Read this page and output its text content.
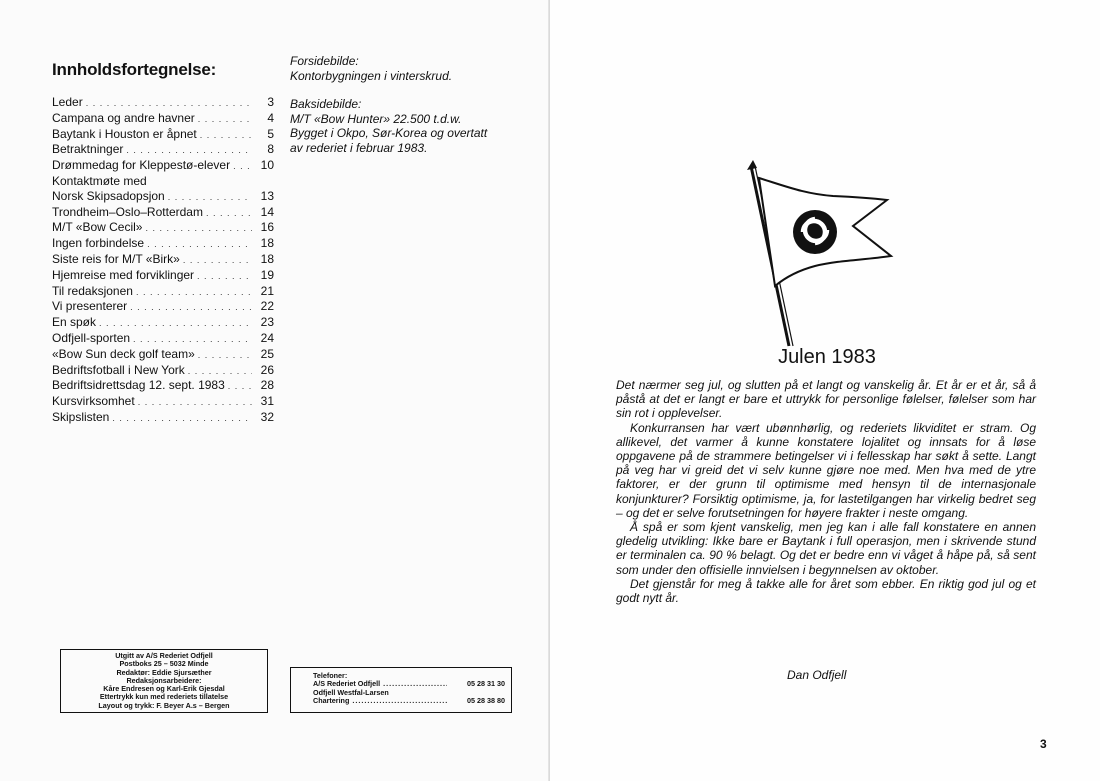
Innholdsfortegnelse:
Leder . . .	3
Campana og andre havner . . .	4
Baytank i Houston er åpnet . . .	5
Betraktninger . . .	8
Drømmedag for Kleppestø-elever . . .	10
Kontaktmøte med
Norsk Skipsadopsjon . . .	13
Trondheim–Oslo–Rotterdam . . .	14
M/T «Bow Cecil» . . .	16
Ingen forbindelse . . .	18
Siste reis for M/T «Birk» . . .	18
Hjemreise med forviklinger . . .	19
Til redaksjonen . . .	21
Vi presenterer . . .	22
En spøk . . .	23
Odfjell-sporten . . .	24
«Bow Sun deck golf team» . . .	25
Bedriftsfotball i New York . . .	26
Bedriftsidrettsdag 12. sept. 1983 . . .	28
Kursvirksomhet . . .	31
Skipslisten . . .	32
Forsidebilde:
Kontorbygningen i vinterskrud.
Baksidebilde:
M/T «Bow Hunter» 22.500 t.d.w.
Bygget i Okpo, Sør-Korea og overtatt
av rederiet i februar 1983.
Utgitt av A/S Rederiet Odfjell
Postboks 25 – 5032 Minde
Redaktør: Eddie Sjursæther
Redaksjonsarbeidere:
Kåre Endresen og Karl-Erik Gjesdal
Ettertrykk kun med rederiets tillatelse
Layout og trykk: F. Beyer A.s – Bergen
Telefoner:
A/S Rederiet Odfjell .....	05 28 31 30
Odfjell Westfal-Larsen
Chartering .....	05 28 38 80
Julen 1983

Det nærmer seg jul, og slutten på et langt og vanskelig år. Et år er et år, så å påstå at det er langt er bare et uttrykk for personlige følelser, følelser som har sin rot i opplevelser.

Konkurransen har vært ubønnhørlig, og rederiets likviditet er stram. Og allikevel, det varmer å kunne konstatere lojalitet og innsats for å løse oppgavene på de strammere betingelser vi i fellesskap har søkt å sette. Langt på veg har vi greid det vi selv kunne gjøre noe med. Men hva med de ytre faktorer, er der grunn til optimisme med hensyn til de internasjonale konjunkturer? Forsiktig optimisme, ja, for lastetilgangen har virkelig bedret seg – og det er selve forutsetningen for høyere frakter i neste omgang.

Å spå er som kjent vanskelig, men jeg kan i alle fall konstatere en annen gledelig utvikling: Ikke bare er Baytank i full operasjon, men i skrivende stund er terminalen ca. 90 % belagt. Og det er bedre enn vi våget å håpe på, så sent som under den offisielle innvielsen i begynnelsen av oktober.

Det gjenstår for meg å takke alle for året som ebber. En riktig god jul og et godt nytt år.

Dan Odfjell
3
